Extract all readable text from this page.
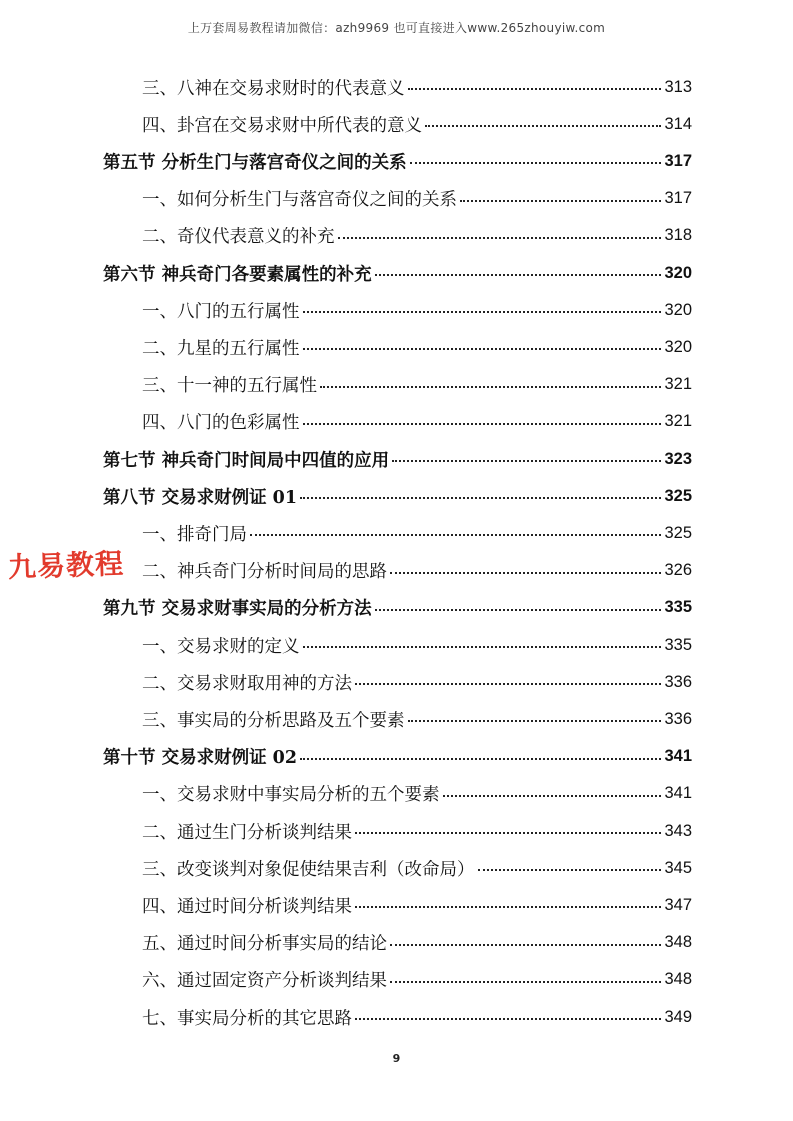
上万套周易教程请加微信：azh9969 也可直接进入www.265zhouyiw.com
三、八神在交易求财时的代表意义	313
四、卦宫在交易求财中所代表的意义	314
第五节 分析生门与落宫奇仪之间的关系	317
一、如何分析生门与落宫奇仪之间的关系	317
二、奇仪代表意义的补充	318
第六节 神兵奇门各要素属性的补充	320
一、八门的五行属性	320
二、九星的五行属性	320
三、十一神的五行属性	321
四、八门的色彩属性	321
第七节 神兵奇门时间局中四值的应用	323
第八节 交易求财例证 01	325
一、排奇门局	325
二、神兵奇门分析时间局的思路	326
第九节 交易求财事实局的分析方法	335
一、交易求财的定义	335
二、交易求财取用神的方法	336
三、事实局的分析思路及五个要素	336
第十节 交易求财例证 02	341
一、交易求财中事实局分析的五个要素	341
二、通过生门分析谈判结果	343
三、改变谈判对象促使结果吉利（改命局）	345
四、通过时间分析谈判结果	347
五、通过时间分析事实局的结论	348
六、通过固定资产分析谈判结果	348
七、事实局分析的其它思路	349
九易教程
9
